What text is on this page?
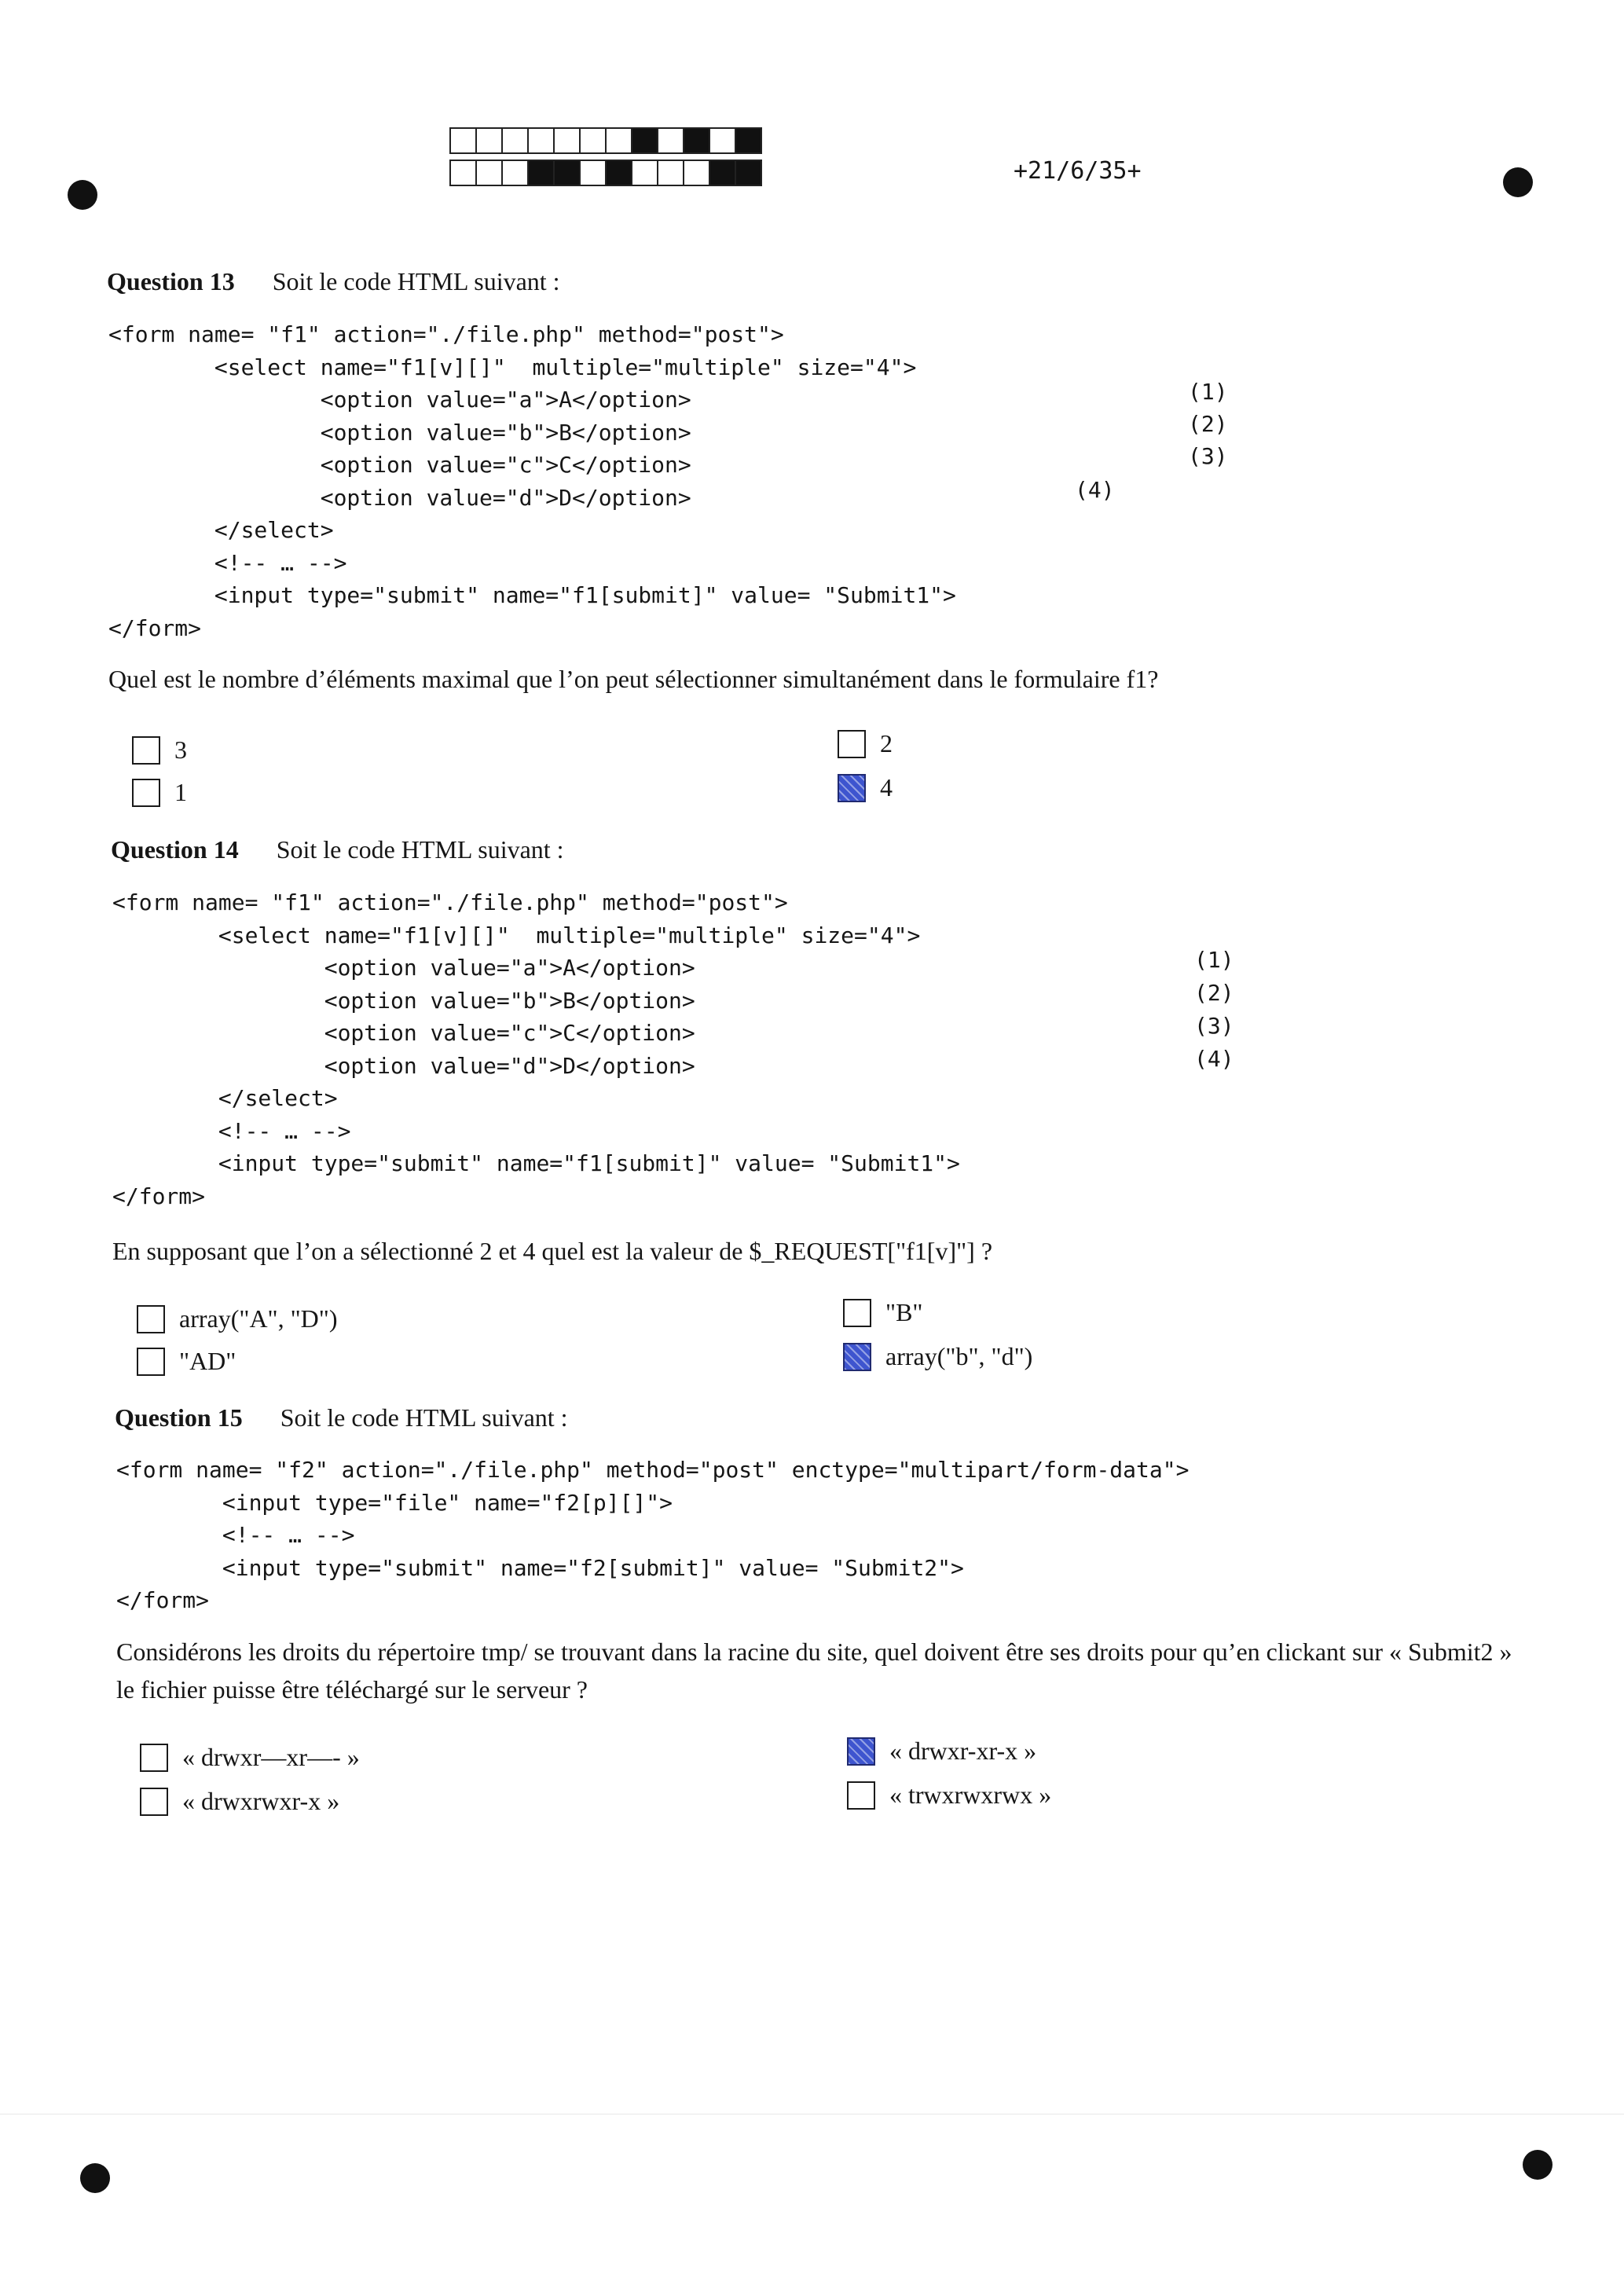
+21/6/35+
Question 13 Soit le code HTML suivant :
<form name= "f1" action="./file.php" method="post">
<select name="f1[v][]"  multiple="multiple" size="4">
<option value="a">A</option>
<option value="b">B</option>
<option value="c">C</option>
<option value="d">D</option>
</select>
<!-- … -->
<input type="submit" name="f1[submit]" value= "Submit1">
</form>
(1)
(2)
(3)
(4)
Quel est le nombre d’éléments maximal que l’on peut sélectionner simultanément dans le formulaire f1?
3
1
2
4
Question 14 Soit le code HTML suivant :
<form name= "f1" action="./file.php" method="post">
<select name="f1[v][]"  multiple="multiple" size="4">
<option value="a">A</option>
<option value="b">B</option>
<option value="c">C</option>
<option value="d">D</option>
</select>
<!-- … -->
<input type="submit" name="f1[submit]" value= "Submit1">
</form>
(1)
(2)
(3)
(4)
En supposant que l’on a sélectionné 2 et 4 quel est la valeur de $_REQUEST["f1[v]"] ?
array("A", "D")
"AD"
"B"
array("b", "d")
Question 15 Soit le code HTML suivant :
<form name= "f2" action="./file.php" method="post" enctype="multipart/form-data">
<input type="file" name="f2[p][]">
<!-- … -->
<input type="submit" name="f2[submit]" value= "Submit2">
</form>
Considérons les droits du répertoire tmp/ se trouvant dans la racine du site, quel doivent être ses droits pour qu’en clickant sur « Submit2 » le fichier puisse être téléchargé sur le serveur ?
« drwxr—xr—- »
« drwxrwxr-x »
« drwxr-xr-x »
« trwxrwxrwx »
